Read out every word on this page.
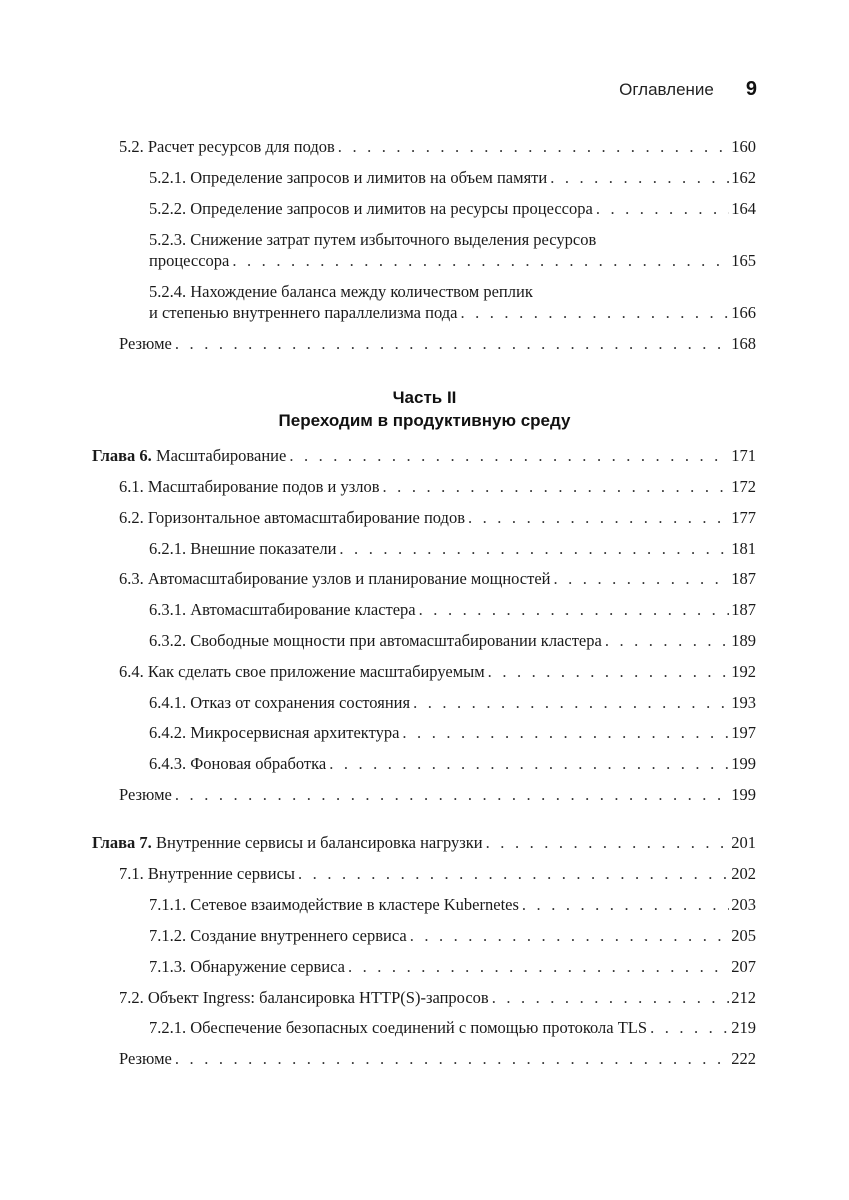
Оглавление 9
5.2. Расчет ресурсов для подов . . .	160
5.2.1. Определение запросов и лимитов на объем памяти . . .	162
5.2.2. Определение запросов и лимитов на ресурсы процессора . . .	164
5.2.3. Снижение затрат путем избыточного выделения ресурсов
процессора . . .	165
5.2.4. Нахождение баланса между количеством реплик
и степенью внутреннего параллелизма пода . . .	166
Резюме . . .	168
Часть II
Переходим в продуктивную среду
Глава 6. Масштабирование . . .	171
6.1. Масштабирование подов и узлов . . .	172
6.2. Горизонтальное автомасштабирование подов . . .	177
6.2.1. Внешние показатели . . .	181
6.3. Автомасштабирование узлов и планирование мощностей . . .	187
6.3.1. Автомасштабирование кластера . . .	187
6.3.2. Свободные мощности при автомасштабировании кластера . . .	189
6.4. Как сделать свое приложение масштабируемым . . .	192
6.4.1. Отказ от сохранения состояния . . .	193
6.4.2. Микросервисная архитектура . . .	197
6.4.3. Фоновая обработка . . .	199
Резюме . . .	199
Глава 7. Внутренние сервисы и балансировка нагрузки . . .	201
7.1. Внутренние сервисы . . .	202
7.1.1. Сетевое взаимодействие в кластере Kubernetes . . .	203
7.1.2. Создание внутреннего сервиса . . .	205
7.1.3. Обнаружение сервиса . . .	207
7.2. Объект Ingress: балансировка HTTP(S)-запросов . . .	212
7.2.1. Обеспечение безопасных соединений с помощью протокола TLS . . .	219
Резюме . . .	222
